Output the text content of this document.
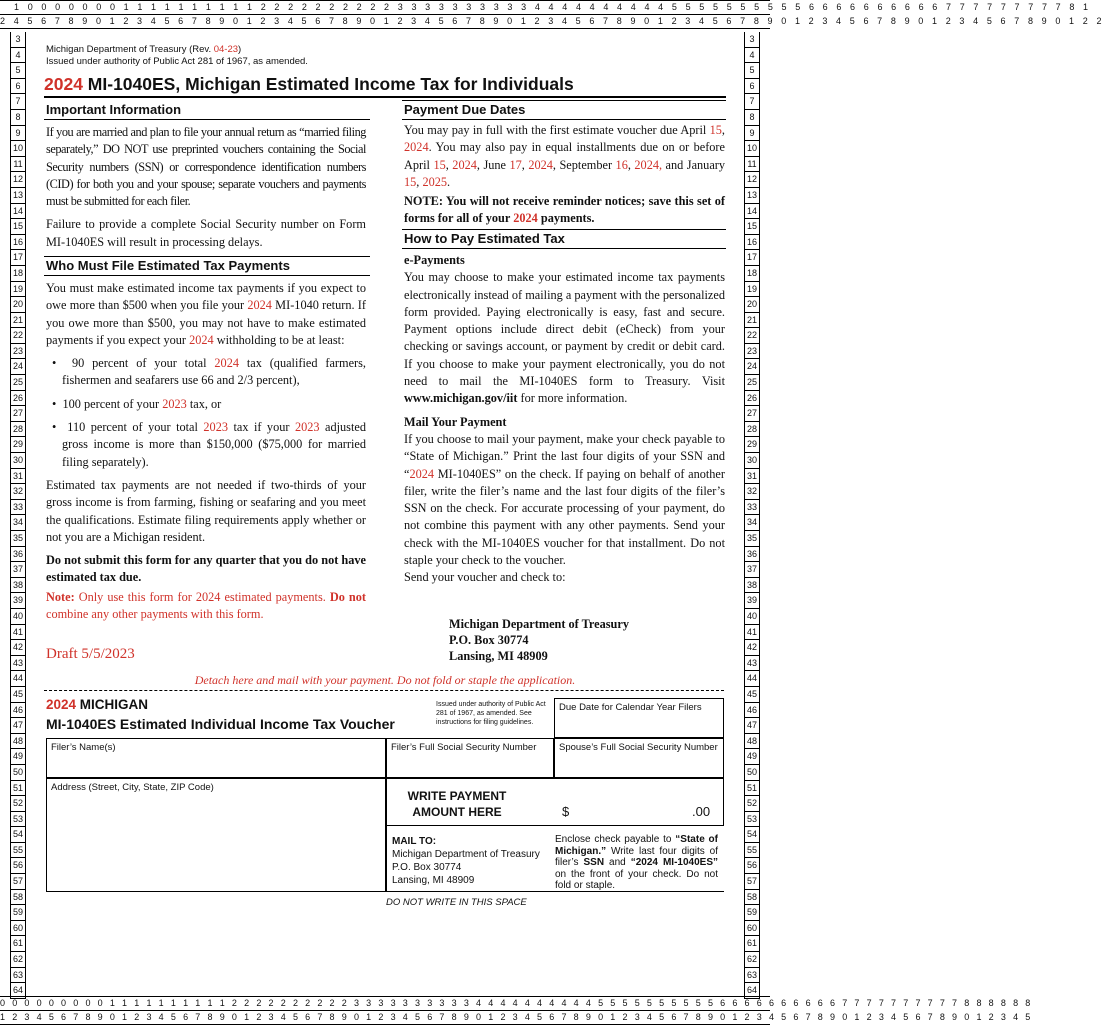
1 0 0 0 0 0 0 0 1 1 1 1 1 1 1 1 1 1 2 2 2 2 2 2 2 2 2 2 3 3 3 3 3 3 3 3 3 3 4 4 4 4 4 4 4 4 4 4 5 5 5 5 5 5 5 5 5 5 6 6 6 6 6 6 6 6 6 6 7 7 7 7 7 7 7 7 7 8 1
2 4 5 6 7 8 9 0 1 2 3 4 5 6 7 8 9 0 1 2 3 4 5 6 7 8 9 0 1 2 3 4 5 6 7 8 9 0 1 2 3 4 5 6 7 8 9 0 1 2 3 4 5 6 7 8 9 0 1 2 3 4 5 6 7 8 9 0 1 2 3 4 5 6 7 8 9 0 1 2 2
0 0 0 0 0 0 0 0 0 1 1 1 1 1 1 1 1 1 1 2 2 2 2 2 2 2 2 2 2 3 3 3 3 3 3 3 3 3 3 4 4 4 4 4 4 4 4 4 4 5 5 5 5 5 5 5 5 5 5 6 6 6 6 6 6 6 6 6 6 7 7 7 7 7 7 7 7 7 7 8 8 8 8 8 8
1 2 3 4 5 6 7 8 9 0 1 2 3 4 5 6 7 8 9 0 1 2 3 4 5 6 7 8 9 0 1 2 3 4 5 6 7 8 9 0 1 2 3 4 5 6 7 8 9 0 1 2 3 4 5 6 7 8 9 0 1 2 3 4 5 6 7 8 9 0 1 2 3 4 5 6 7 8 9 0 1 2 3 4 5
3
4
5
6
7
8
9
10
11
12
13
14
15
16
17
18
19
20
21
22
23
24
25
26
27
28
29
30
31
32
33
34
35
36
37
38
39
40
41
42
43
44
45
46
47
48
49
50
51
52
53
54
55
56
57
58
59
60
61
62
63
64
3
4
5
6
7
8
9
10
11
12
13
14
15
16
17
18
19
20
21
22
23
24
25
26
27
28
29
30
31
32
33
34
35
36
37
38
39
40
41
42
43
44
45
46
47
48
49
50
51
52
53
54
55
56
57
58
59
60
61
62
63
64
Michigan Department of Treasury (Rev. 04-23)
Issued under authority of Public Act 281 of 1967, as amended.
2024 MI-1040ES, Michigan Estimated Income Tax for Individuals
Important Information

If you are married and plan to file your annual return as “married filing separately,” DO NOT use preprinted vouchers containing the Social Security numbers (SSN) or correspondence identification numbers (CID) for both you and your spouse; separate vouchers and payments must be submitted for each filer.

Failure to provide a complete Social Security number on Form MI-1040ES will result in processing delays.

Who Must File Estimated Tax Payments

You must make estimated income tax payments if you expect to owe more than $500 when you file your 2024 MI-1040 return. If you owe more than $500, you may not have to make estimated payments if you expect your 2024 withholding to be at least:

•  90 percent of your total 2024 tax (qualified farmers, fishermen and seafarers use 66 and 2/3 percent),

•  100 percent of your 2023 tax, or

•  110 percent of your total 2023 tax if your 2023 adjusted gross income is more than $150,000 ($75,000 for married filing separately).

Estimated tax payments are not needed if two-thirds of your gross income is from farming, fishing or seafaring and you meet the qualifications. Estimate filing requirements apply whether or not you are a Michigan resident.

Do not submit this form for any quarter that you do not have estimated tax due.

Note: Only use this form for 2024 estimated payments. Do not combine any other payments with this form.

Payment Due Dates

You may pay in full with the first estimate voucher due April 15, 2024. You may also pay in equal installments due on or before April 15, 2024, June 17, 2024, September 16, 2024, and January 15, 2025.

NOTE: You will not receive reminder notices; save this set of forms for all of your 2024 payments.

How to Pay Estimated Tax

e-Payments

You may choose to make your estimated income tax payments electronically instead of mailing a payment with the personalized form provided. Paying electronically is easy, fast and secure. Payment options include direct debit (eCheck) from your checking or savings account, or payment by credit or debit card. If you choose to make your payment electronically, you do not need to mail the MI-1040ES form to Treasury. Visit www.michigan.gov/iit for more information.

Mail Your Payment

If you choose to mail your payment, make your check payable to “State of Michigan.” Print the last four digits of your SSN and “2024 MI-1040ES” on the check. If paying on behalf of another filer, write the filer’s name and the last four digits of the filer’s SSN on the check. For accurate processing of your payment, do not combine this payment with any other payments. Send your check with the MI-1040ES voucher for that installment. Do not staple your check to the voucher.

Send your voucher and check to:

Michigan Department of Treasury
P.O. Box 30774
Lansing, MI 48909
Draft 5/5/2023
Detach here and mail with your payment. Do not fold or staple the application.
2024 MICHIGAN
MI-1040ES Estimated Individual Income Tax Voucher
Issued under authority of Public Act 281 of 1967, as amended. See instructions for filing guidelines.
Due Date for Calendar Year Filers
Filer’s Name(s)	Filer’s Full Social Security Number	Spouse’s Full Social Security Number
Address (Street, City, State, ZIP Code)
WRITE PAYMENT
AMOUNT HERE	$	.00
MAIL TO:
Michigan Department of Treasury
P.O. Box 30774
Lansing, MI 48909
Enclose check payable to “State of Michigan.” Write last four digits of filer’s SSN and “2024 MI-1040ES” on the front of your check. Do not fold or staple.
DO NOT WRITE IN THIS SPACE
